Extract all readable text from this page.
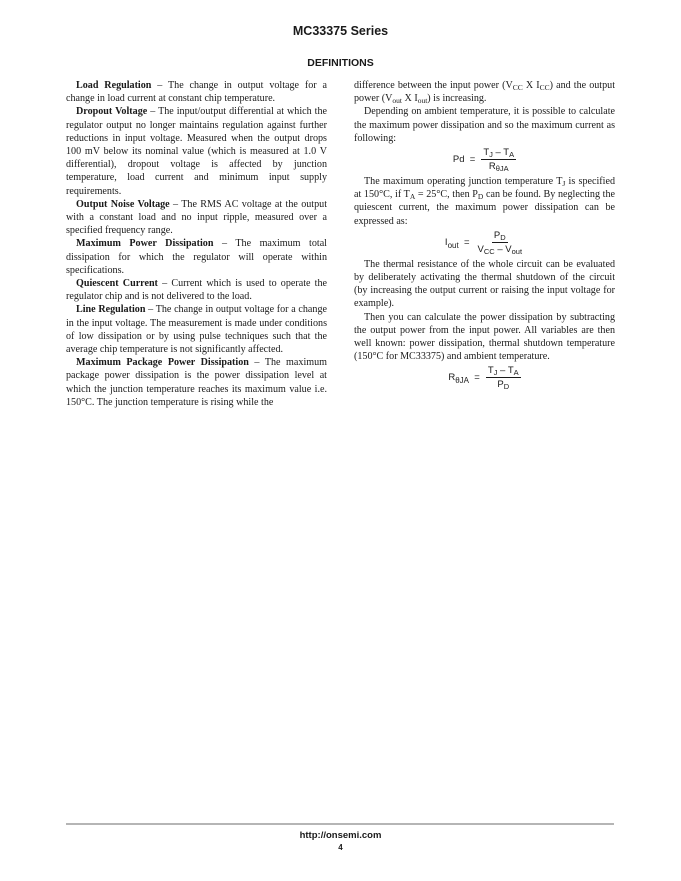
MC33375 Series
DEFINITIONS

Load Regulation – The change in output voltage for a change in load current at constant chip temperature.

Dropout Voltage – The input/output differential at which the regulator output no longer maintains regulation against further reductions in input voltage. Measured when the output drops 100 mV below its nominal value (which is measured at 1.0 V differential), dropout voltage is affected by junction temperature, load current and minimum input supply requirements.

Output Noise Voltage – The RMS AC voltage at the output with a constant load and no input ripple, measured over a specified frequency range.

Maximum Power Dissipation – The maximum total dissipation for which the regulator will operate within specifications.

Quiescent Current – Current which is used to operate the regulator chip and is not delivered to the load.

Line Regulation – The change in output voltage for a change in the input voltage. The measurement is made under conditions of low dissipation or by using pulse techniques such that the average chip temperature is not significantly affected.

Maximum Package Power Dissipation – The maximum package power dissipation is the power dissipation level at which the junction temperature reaches its maximum value i.e. 150°C. The junction temperature is rising while the

difference between the input power ($V_{CC}$ X $I_{CC}$) and the output power ($V_{out}$ X $I_{out}$) is increasing.

Depending on ambient temperature, it is possible to calculate the maximum power dissipation and so the maximum current as following:

$Pd = \frac{T_J - T_A}{R_{\theta JA}}$

The maximum operating junction temperature $T_J$ is specified at 150°C, if $T_A = 25^\circ C$, then $P_D$ can be found. By neglecting the quiescent current, the maximum power dissipation can be expressed as:

$I_{out} = \frac{P_D}{V_{CC} - V_{out}}$

The thermal resistance of the whole circuit can be evaluated by deliberately activating the thermal shutdown of the circuit (by increasing the output current or raising the input voltage for example).

Then you can calculate the power dissipation by subtracting the output power from the input power. All variables are then well known: power dissipation, thermal shutdown temperature (150°C for MC33375) and ambient temperature.

$R_{\theta JA} = \frac{T_J - T_A}{P_D}$
http://onsemi.com
4
